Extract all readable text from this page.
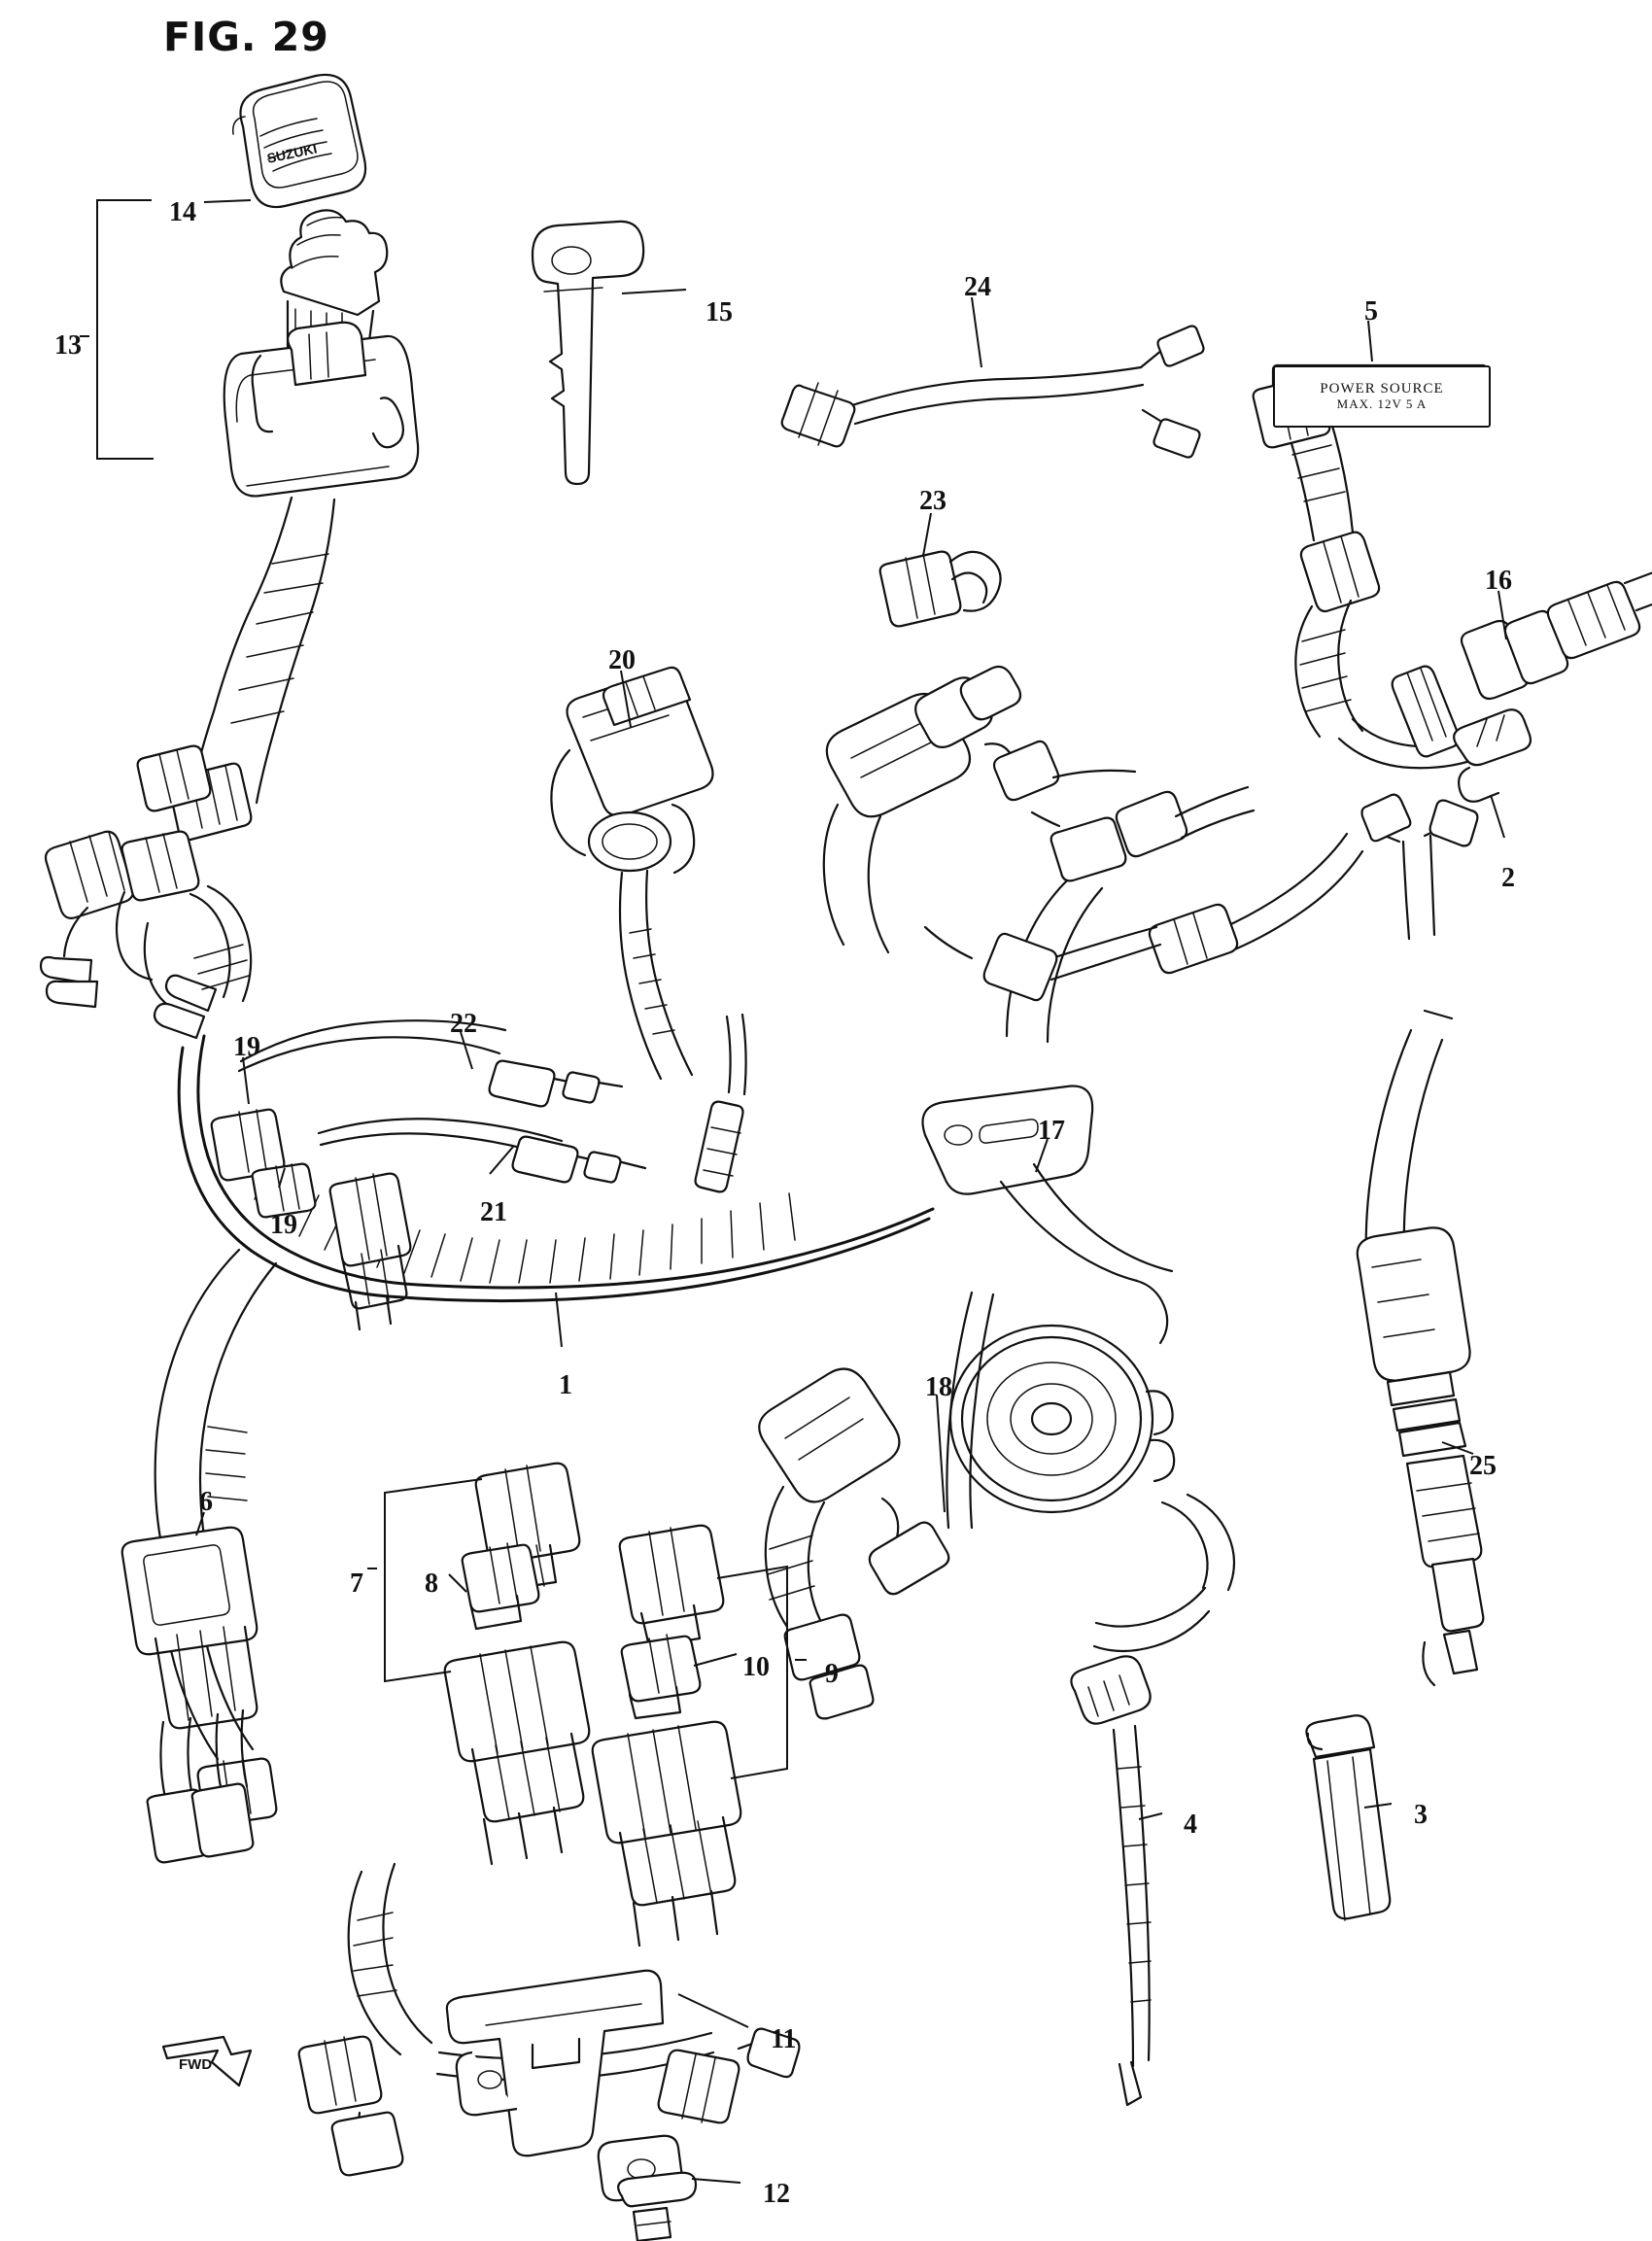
FIG. 29
SUZUKI
POWER SOURCE
MAX. 12V 5 A
FWD
1
2
3
4
5
6
7 8
9
10
11
12
13
14
15
16
17
18
19
19
20
21
22
23
24
25
